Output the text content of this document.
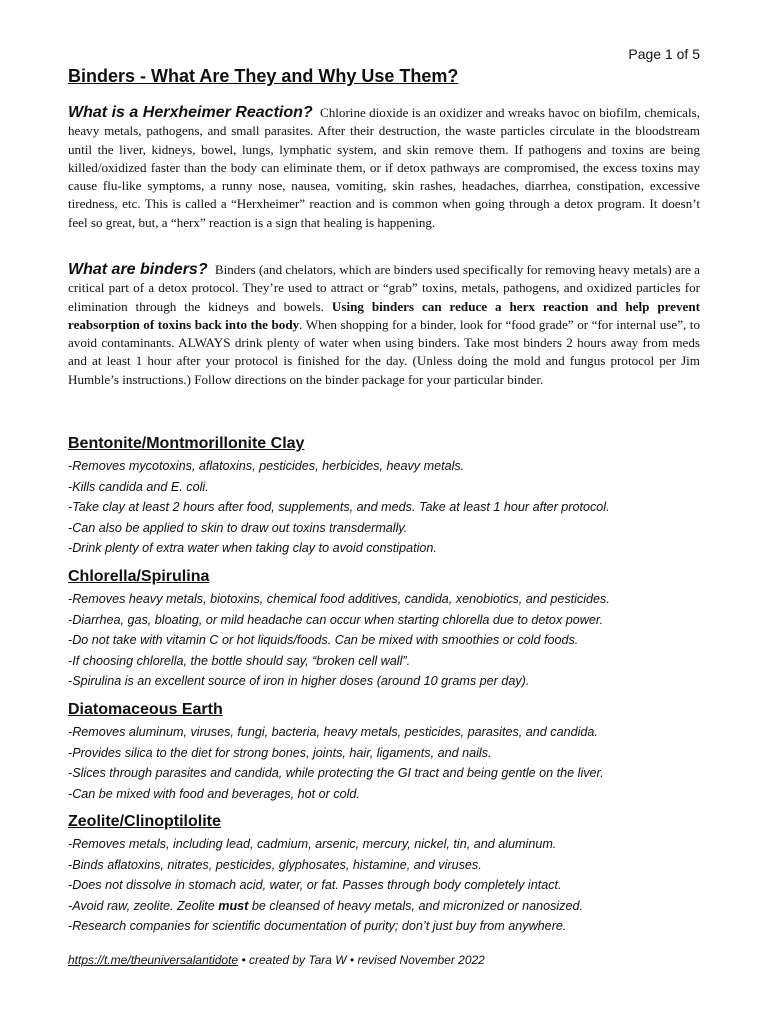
Page 1 of 5
Binders - What Are They and Why Use Them?

What is a Herxheimer Reaction? Chlorine dioxide is an oxidizer and wreaks havoc on biofilm, chemicals, heavy metals, pathogens, and small parasites. After their destruction, the waste particles circulate in the bloodstream until the liver, kidneys, bowel, lungs, lymphatic system, and skin remove them. If pathogens and toxins are being killed/oxidized faster than the body can eliminate them, or if detox pathways are compromised, the excess toxins may cause flu-like symptoms, a runny nose, nausea, vomiting, skin rashes, headaches, diarrhea, constipation, excessive tiredness, etc. This is called a “Herxheimer” reaction and is common when going through a detox program. It doesn’t feel so great, but, a “herx” reaction is a sign that healing is happening.

What are binders? Binders (and chelators, which are binders used specifically for removing heavy metals) are a critical part of a detox protocol. They’re used to attract or “grab” toxins, metals, pathogens, and oxidized particles for elimination through the kidneys and bowels. Using binders can reduce a herx reaction and help prevent reabsorption of toxins back into the body. When shopping for a binder, look for “food grade” or “for internal use”, to avoid contaminants. ALWAYS drink plenty of water when using binders. Take most binders 2 hours away from meds and at least 1 hour after your protocol is finished for the day. (Unless doing the mold and fungus protocol per Jim Humble’s instructions.) Follow directions on the binder package for your particular binder.

Bentonite/Montmorillonite Clay
-Removes mycotoxins, aflatoxins, pesticides, herbicides, heavy metals.
-Kills candida and E. coli.
-Take clay at least 2 hours after food, supplements, and meds. Take at least 1 hour after protocol.
-Can also be applied to skin to draw out toxins transdermally.
-Drink plenty of extra water when taking clay to avoid constipation.
Chlorella/Spirulina
-Removes heavy metals, biotoxins, chemical food additives, candida, xenobiotics, and pesticides.
-Diarrhea, gas, bloating, or mild headache can occur when starting chlorella due to detox power.
-Do not take with vitamin C or hot liquids/foods. Can be mixed with smoothies or cold foods.
-If choosing chlorella, the bottle should say, “broken cell wall”.
-Spirulina is an excellent source of iron in higher doses (around 10 grams per day).
Diatomaceous Earth
-Removes aluminum, viruses, fungi, bacteria, heavy metals, pesticides, parasites, and candida.
-Provides silica to the diet for strong bones, joints, hair, ligaments, and nails.
-Slices through parasites and candida, while protecting the GI tract and being gentle on the liver.
-Can be mixed with food and beverages, hot or cold.
Zeolite/Clinoptilolite
-Removes metals, including lead, cadmium, arsenic, mercury, nickel, tin, and aluminum.
-Binds aflatoxins, nitrates, pesticides, glyphosates, histamine, and viruses.
-Does not dissolve in stomach acid, water, or fat. Passes through body completely intact.
-Avoid raw, zeolite. Zeolite must be cleansed of heavy metals, and micronized or nanosized.
-Research companies for scientific documentation of purity; don’t just buy from anywhere.
https://t.me/theuniversalantidote • created by Tara W • revised November 2022
